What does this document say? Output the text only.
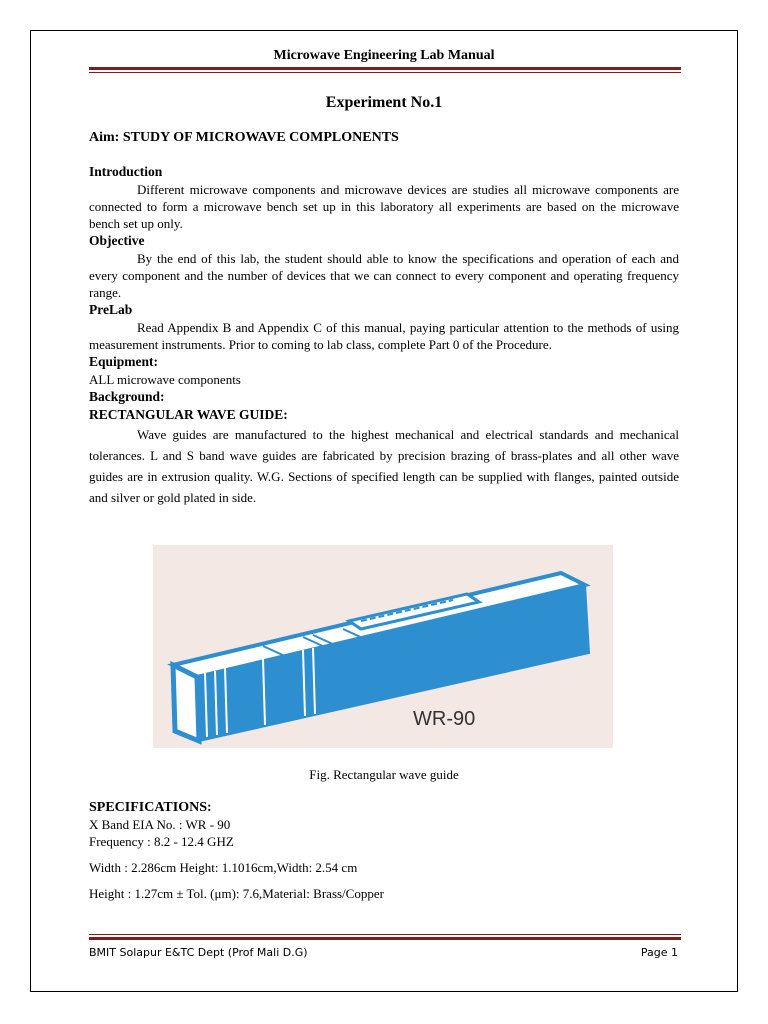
Microwave Engineering Lab Manual
Experiment No.1

Aim: STUDY OF MICROWAVE COMPLONENTS

Introduction

Different microwave components and microwave devices are studies all microwave components are connected to form a microwave bench set up in this laboratory all experiments are based on the microwave bench set up only.

Objective

By the end of this lab, the student should able to know the specifications and operation of each and every component and the number of devices that we can connect to every component and operating frequency range.

PreLab

Read Appendix B and Appendix C of this manual, paying particular attention to the methods of using measurement instruments. Prior to coming to lab class, complete Part 0 of the Procedure.

Equipment:

ALL microwave components

Background:

RECTANGULAR WAVE GUIDE:

Wave guides are manufactured to the highest mechanical and electrical standards and mechanical tolerances. L and S band wave guides are fabricated by precision brazing of brass-plates and all other wave guides are in extrusion quality. W.G. Sections of specified length can be supplied with flanges, painted outside and silver or gold plated in side.

WR-90
Fig. Rectangular wave guide

SPECIFICATIONS:

X Band EIA No. : WR - 90

Frequency : 8.2 - 12.4 GHZ

Width : 2.286cm Height: 1.1016cm,Width: 2.54 cm

Height : 1.27cm ± Tol. (μm): 7.6,Material: Brass/Copper

BMIT Solapur E&TC Dept (Prof Mali D.G)	Page 1
